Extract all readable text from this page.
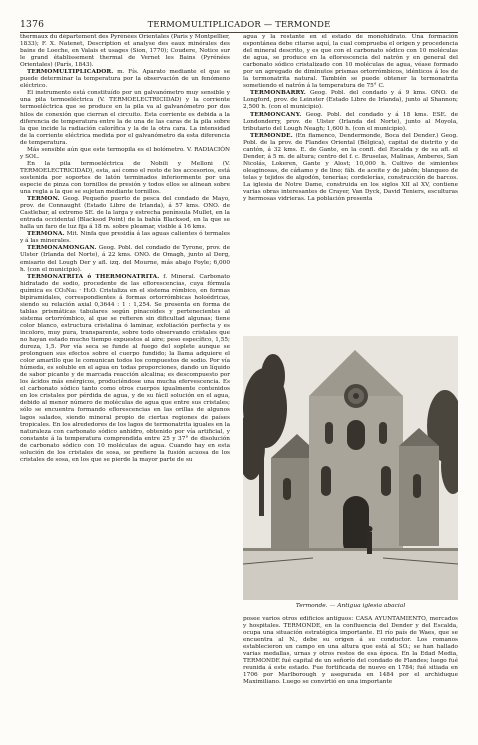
1376	TERMOMULTIPLICADOR — TERMONDE

thermaux du département des Pyrénées Orientales (Paris y Montpellier, 1833); F. X. Natenet, Description et analyse des eaux minérales des bains de Loeche, en Valais et usages (Sion, 1770); Coudere, Notice sur le grand établissement thermal de Vernet les Bains (Pyrénées Orientales) (París, 1843).

TERMOMULTIPLICADOR. m. Fís. Aparato mediante el que se puede determinar la temperatura por la observación de un fenómeno eléctrico.

El instrumento está constituído por un galvanómetro muy sensible y una pila termoeléctrica (V. TERMOELECTRICIDAD) y la corriente termoeléctrica que se produce en la pila va al galvanómetro por dos hilos de conexión que cierran el circuito. Esta corriente es debida a la diferencia de temperatura entre la de una de las caras de la pila sobre la que incide la radiación calorífica y la de la otra cara. La intensidad de la corriente eléctrica medida por el galvanómetro da esta diferencia de temperatura.

Más sensible aún que este termopila es el bolómetro. V. RADIACIÓN y SOL.

En la pila termoeléctrica de Nobili y Melloni (V. TERMOELECTRICIDAD), esta, así como el resto de los accesorios, está sostenida por soportes de latón terminados inferiormente por una especie de pinza con tornillos de presión y todos ellos se alinean sobre una regla a la que se sujetan mediante tornillos.

TERMON. Geog. Pequeño puerto de pesca del condado de Mayo, prov. de Connaught (Estado Libre de Irlanda), á 57 kms. ONO. de Castlebar, al extremo SE. de la larga y estrecha península Mullet, en la entrada occidental (Blacksod Point) de la bahía Blacksod, en la que se halla un faro de luz fija á 18 m. sobre pleamar, visible á 16 kms.

TERMONA. Mit. Ninfa que presidía á las aguas calientes ó termales y á las minerales.

TERMONAMONGAN. Geog. Pobl. del condado de Tyrone, prov. de Ulster (Irlanda del Norte), á 22 kms. ONO. de Omagh, junto al Derg, emisario del Lough Der y afl. izq. del Mourne, más abajo Foyle; 6,000 h. (con el municipio).

TERMONATRITA ó THERMONATRITA. f. Mineral. Carbonato hidratado de sodio, procedente de las eflorescencias, cuya fórmula química es CO₃Na₂ · H₂O. Cristaliza en el sistema rómbico, en formas bipiramidales, correspondientes á formas ortorrómbicas holoédricas, siendo su relación axial 0,3644 : 1 : 1,254. Se presenta en forma de tablas prismáticas tabulares según pinacoides y pertenecientes al sistema ortorrómbico, al que se refieren sin dificultad algunas; tiene color blanco, estructura cristalina ó laminar, exfoliación perfecta y es incoloro, muy pura, transparente, sobre todo observando cristales que no hayan estado mucho tiempo expuestos al aire; peso específico, 1,55; dureza, 1,5. Por vía seca se funde al fuego del soplete aunque se prolonguen sus efectos sobre el cuerpo fundido; la llama adquiere el color amarillo que le comunican todos los compuestos de sodio. Por vía húmeda, es soluble en el agua en todas proporciones, dando un líquido de sabor picante y de marcada reacción alcalina; es descompuesto por los ácidos más enérgicos, produciéndose una mucha efervescencia. Es el carbonato sódico tanto como otros cuerpos igualmente contenidos en los cristales por pérdida de agua, y de su fácil solución en el agua, debido al menor número de moléculas de agua que entre sus cristales; sólo se encuentra formando eflorescencias en las orillas de algunos lagos salados, siendo mineral propio de ciertas regiones de países tropicales. En los alrededores de los lagos de termonatrita iguales en la naturaleza con carbonato sódico anhidro, obtenido por vía artificial, y constante á la temperatura comprendida entre 25 y 37° de disolución de carbonato sódico con 10 moléculas de agua. Cuando hay en esta solución de los cristales de sosa, se prefiere la fusión acuosa de los cristales de sosa, en los que se pierde la mayor parte de su

agua y la restante en el estado de monohidrato. Una formación espontánea debe citarse aquí, la cual comprueba el origen y procedencia del mineral descrito, y es que con el carbonato sódico con 10 moléculas de agua, se produce en la eflorescencia del natrón y en general del carbonato sódico cristalizado con 10 moléculas de agua, véase formado por un agregado de diminutos prismas ortorrómbicos, idénticos á los de la termonatrita natural. También se puede obtener la termonatrita sometiendo el natrón á la temperatura de 75° C.

TERMONBARRY. Geog. Pobl. del condado y á 9 kms. ONO. de Longford, prov. de Leinster (Estado Libre de Irlanda), junto al Shannon; 2,500 h. (con el municipio).

TERMONCANY. Geog. Pobl. del condado y á 18 kms. ESE. de Londonderry, prov. de Ulster (Irlanda del Norte), junto al Moyola, tributario del Lough Neagh; 1,600 h. (con el municipio).

TERMONDE. (En flamenco, Dendermonde, Boca del Dender.) Geog. Pobl. de la prov. de Flandes Oriental (Bélgica), capital de distrito y de cantón, á 32 kms. E. de Gante, en la confl. del Escalda y de su afl. el Dender, á 5 m. de altura; centro del f. c. Bruselas, Malinas, Amberes, San Nicolás, Lokeren, Gante y Alost; 10,000 h. Cultivo de simientes oleaginosas, de cáñamo y de lino; fáb. de aceite y de jabón; blanqueo de telas y tejidos de algodón, tenerías; cordelerías, construcción de barcos. La iglesia de Notre Dame, construida en los siglos XII al XV, contiene varias obras interesantes de Crayer, Van Dyck, David Teniers, esculturas y hermosas vidrieras. La población presenta

Termonde. — Antigua iglesia abacial

posee varios otros edificios antiguos: CASA AYUNTAMIENTO, mercados y hospitales. TERMONDE, en la confluencia del Dender y del Escalda, ocupa una situación estratégica importante. El río país de Waes, que se encuentra al N., debe su origen á su conductor. Los romanos establecieron un campo en una altura que está al SO.; se han hallado varias medallas, urnas y otros restos de esa época. En la Edad Media, TERMONDE fué capital de un señorío del condado de Flandes; luego fué reunida á este estado. Fue fortificada de nuevo en 1784; fué sitiada en 1706 por Marlborough y asegurada en 1484 por el archiduque Maximiliano. Luego se convirtió en una importante
